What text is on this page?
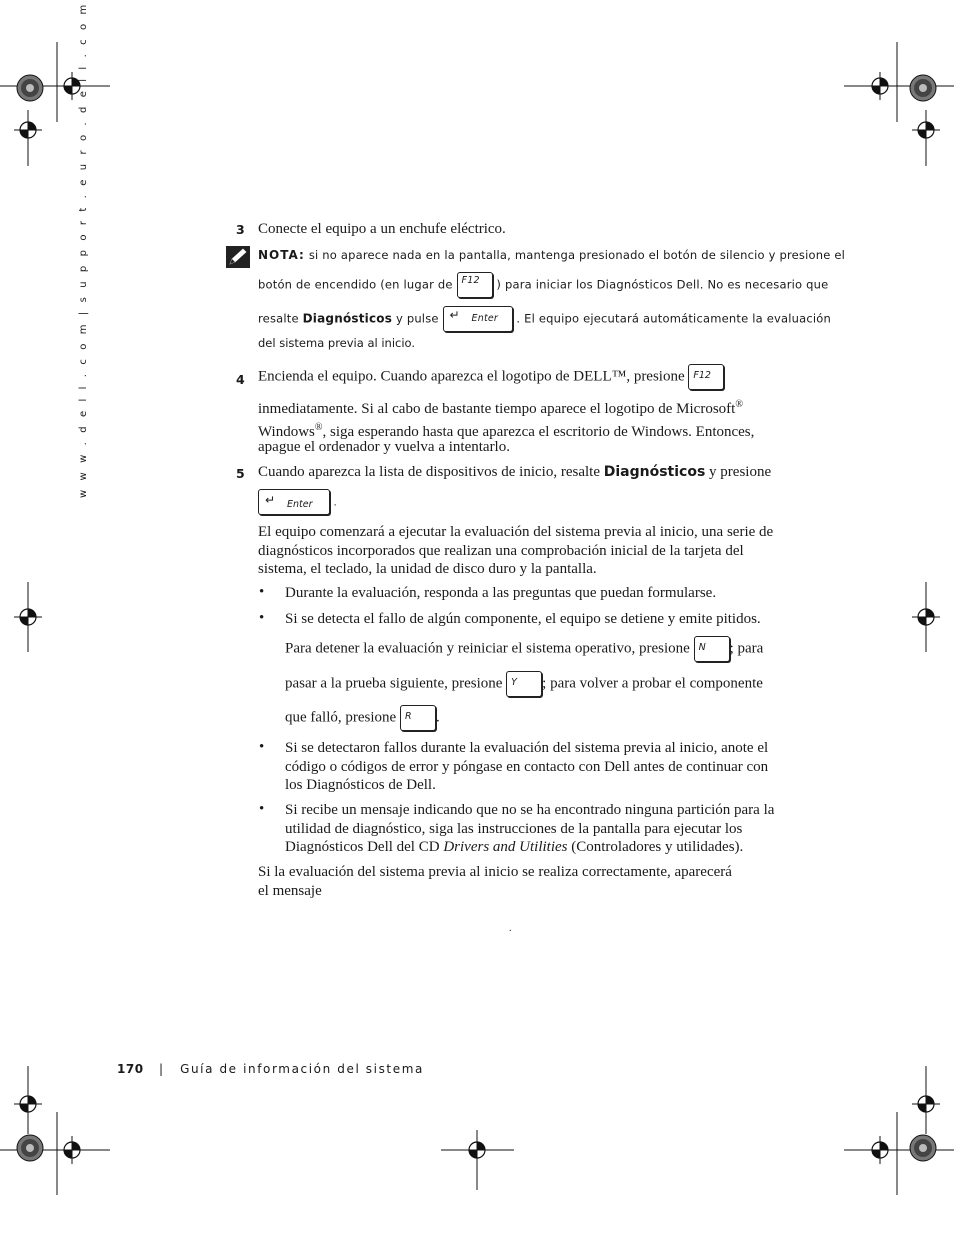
w w w . d e l l . c o m | s u p p o r t . e u r o . d e l l . c o m	3 Conecte el equipo a un enchufe eléctrico.
NOTA: si no aparece nada en la pantalla, mantenga presionado el botón de silencio y presione el
botón de encendido (en lugar de F12 ) para iniciar los Diagnósticos Dell. No es necesario que
resalte Diagnósticos y pulse ↵ Enter . El equipo ejecutará automáticamente la evaluación
del sistema previa al inicio.
4 Encienda el equipo. Cuando aparezca el logotipo de DELL™, presione F12
inmediatamente. Si al cabo de bastante tiempo aparece el logotipo de Microsoft®
Windows®, siga esperando hasta que aparezca el escritorio de Windows. Entonces,
apague el ordenador y vuelva a intentarlo.
5 Cuando aparezca la lista de dispositivos de inicio, resalte Diagnósticos y presione
↵ Enter .
El equipo comenzará a ejecutar la evaluación del sistema previa al inicio, una serie de
diagnósticos incorporados que realizan una comprobación inicial de la tarjeta del
sistema, el teclado, la unidad de disco duro y la pantalla.
• Durante la evaluación, responda a las preguntas que puedan formularse.
• Si se detecta el fallo de algún componente, el equipo se detiene y emite pitidos.
Para detener la evaluación y reiniciar el sistema operativo, presione N ; para
pasar a la prueba siguiente, presione Y ; para volver a probar el componente
que falló, presione R .
• Si se detectaron fallos durante la evaluación del sistema previa al inicio, anote el
código o códigos de error y póngase en contacto con Dell antes de continuar con
los Diagnósticos de Dell.
• Si recibe un mensaje indicando que no se ha encontrado ninguna partición para la
utilidad de diagnóstico, siga las instrucciones de la pantalla para ejecutar los
Diagnósticos Dell del CD Drivers and Utilities (Controladores y utilidades).
Si la evaluación del sistema previa al inicio se realiza correctamente, aparecerá
el mensaje
.
170 | Guía de información del sistema
